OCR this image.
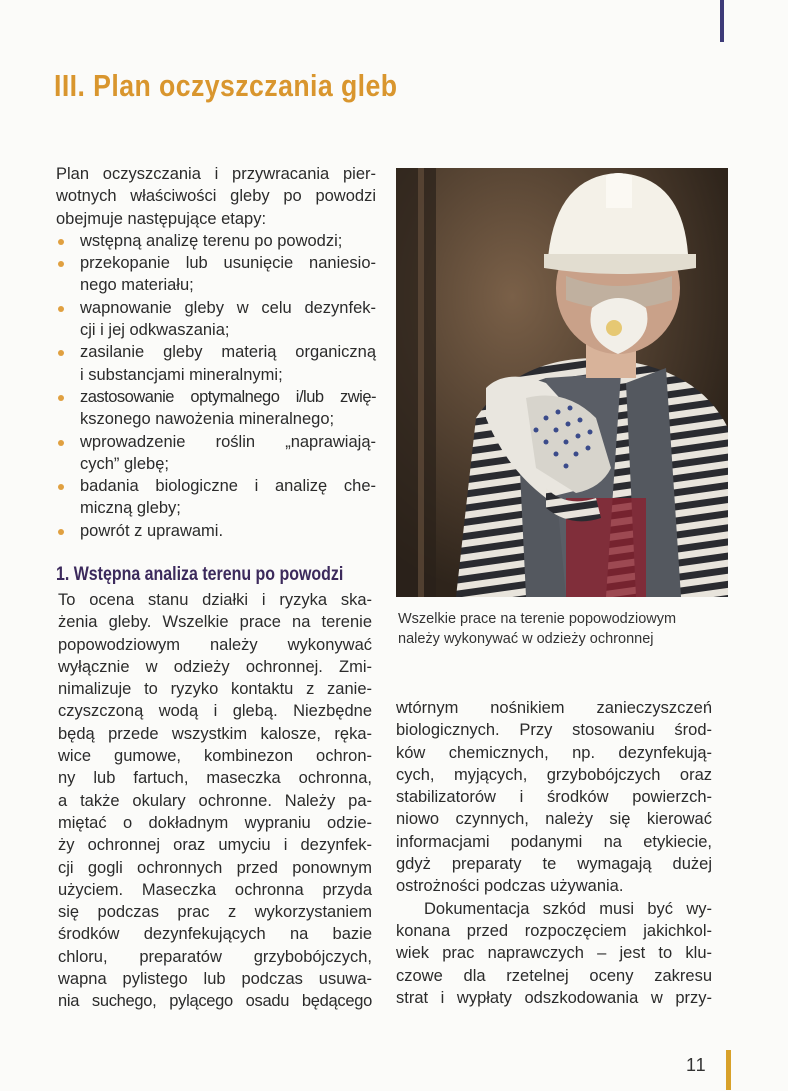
III. Plan oczyszczania gleb

Plan oczyszczania i przywracania pier-
wotnych właściwości gleby po powodzi
obejmuje następujące etapy:

wstępną analizę terenu po powodzi;
przekopanie lub usunięcie naniesio-
nego materiału;
wapnowanie gleby w celu dezynfek-
cji i jej odkwaszania;
zasilanie gleby materią organiczną
i substancjami mineralnymi;
zastosowanie optymalnego i/lub zwię-
kszonego nawożenia mineralnego;
wprowadzenie roślin „naprawiają-
cych” glebę;
badania biologiczne i analizę che-
miczną gleby;
powrót z uprawami.
Wszelkie prace na terenie popowodziowym należy wykonywać w odzieży ochronnej
1. Wstępna analiza terenu po powodzi
To ocena stanu działki i ryzyka ska-
żenia gleby. Wszelkie prace na terenie
popowodziowym należy wykonywać
wyłącznie w odzieży ochronnej. Zmi-
nimalizuje to ryzyko kontaktu z zanie-
czyszczoną wodą i glebą. Niezbędne
będą przede wszystkim kalosze, ręka-
wice gumowe, kombinezon ochron-
ny lub fartuch, maseczka ochronna,
a także okulary ochronne. Należy pa-
miętać o dokładnym wypraniu odzie-
ży ochronnej oraz umyciu i dezynfek-
cji gogli ochronnych przed ponownym
użyciem. Maseczka ochronna przyda
się podczas prac z wykorzystaniem
środków dezynfekujących na bazie
chloru, preparatów grzybobójczych,
wapna pylistego lub podczas usuwa-
nia suchego, pylącego osadu będącego
wtórnym nośnikiem zanieczyszczeń
biologicznych. Przy stosowaniu środ-
ków chemicznych, np. dezynfekują-
cych, myjących, grzybobójczych oraz
stabilizatorów i środków powierzch-
niowo czynnych, należy się kierować
informacjami podanymi na etykiecie,
gdyż preparaty te wymagają dużej
ostrożności podczas używania.
Dokumentacja szkód musi być wy-
konana przed rozpoczęciem jakichkol-
wiek prac naprawczych – jest to klu-
czowe dla rzetelnej oceny zakresu
strat i wypłaty odszkodowania w przy-
11
